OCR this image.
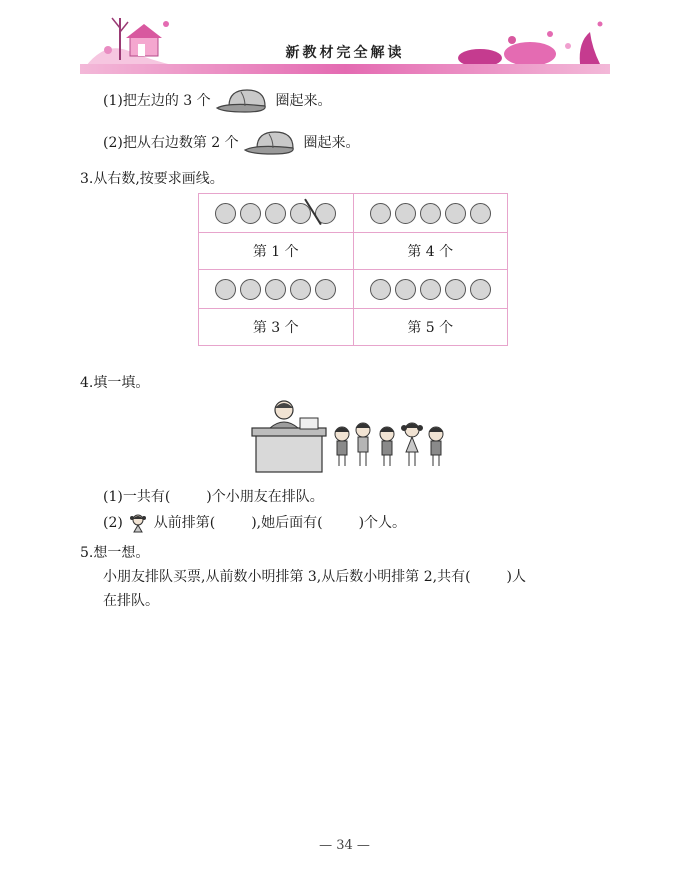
新教材完全解读
(1)把左边的 3 个	圈起来。
(2)把从右边数第 2 个	圈起来。
3.从右数,按要求画线。

第 1 个	第 4 个

第 3 个	第 5 个
4.填一填。
(1)一共有(	)个小朋友在排队。
(2) 从前排第(	),她后面有(	)个人。
5.想一想。
小朋友排队买票,从前数小明排第 3,从后数小明排第 2,共有(	)人
在排队。
— 34 —
